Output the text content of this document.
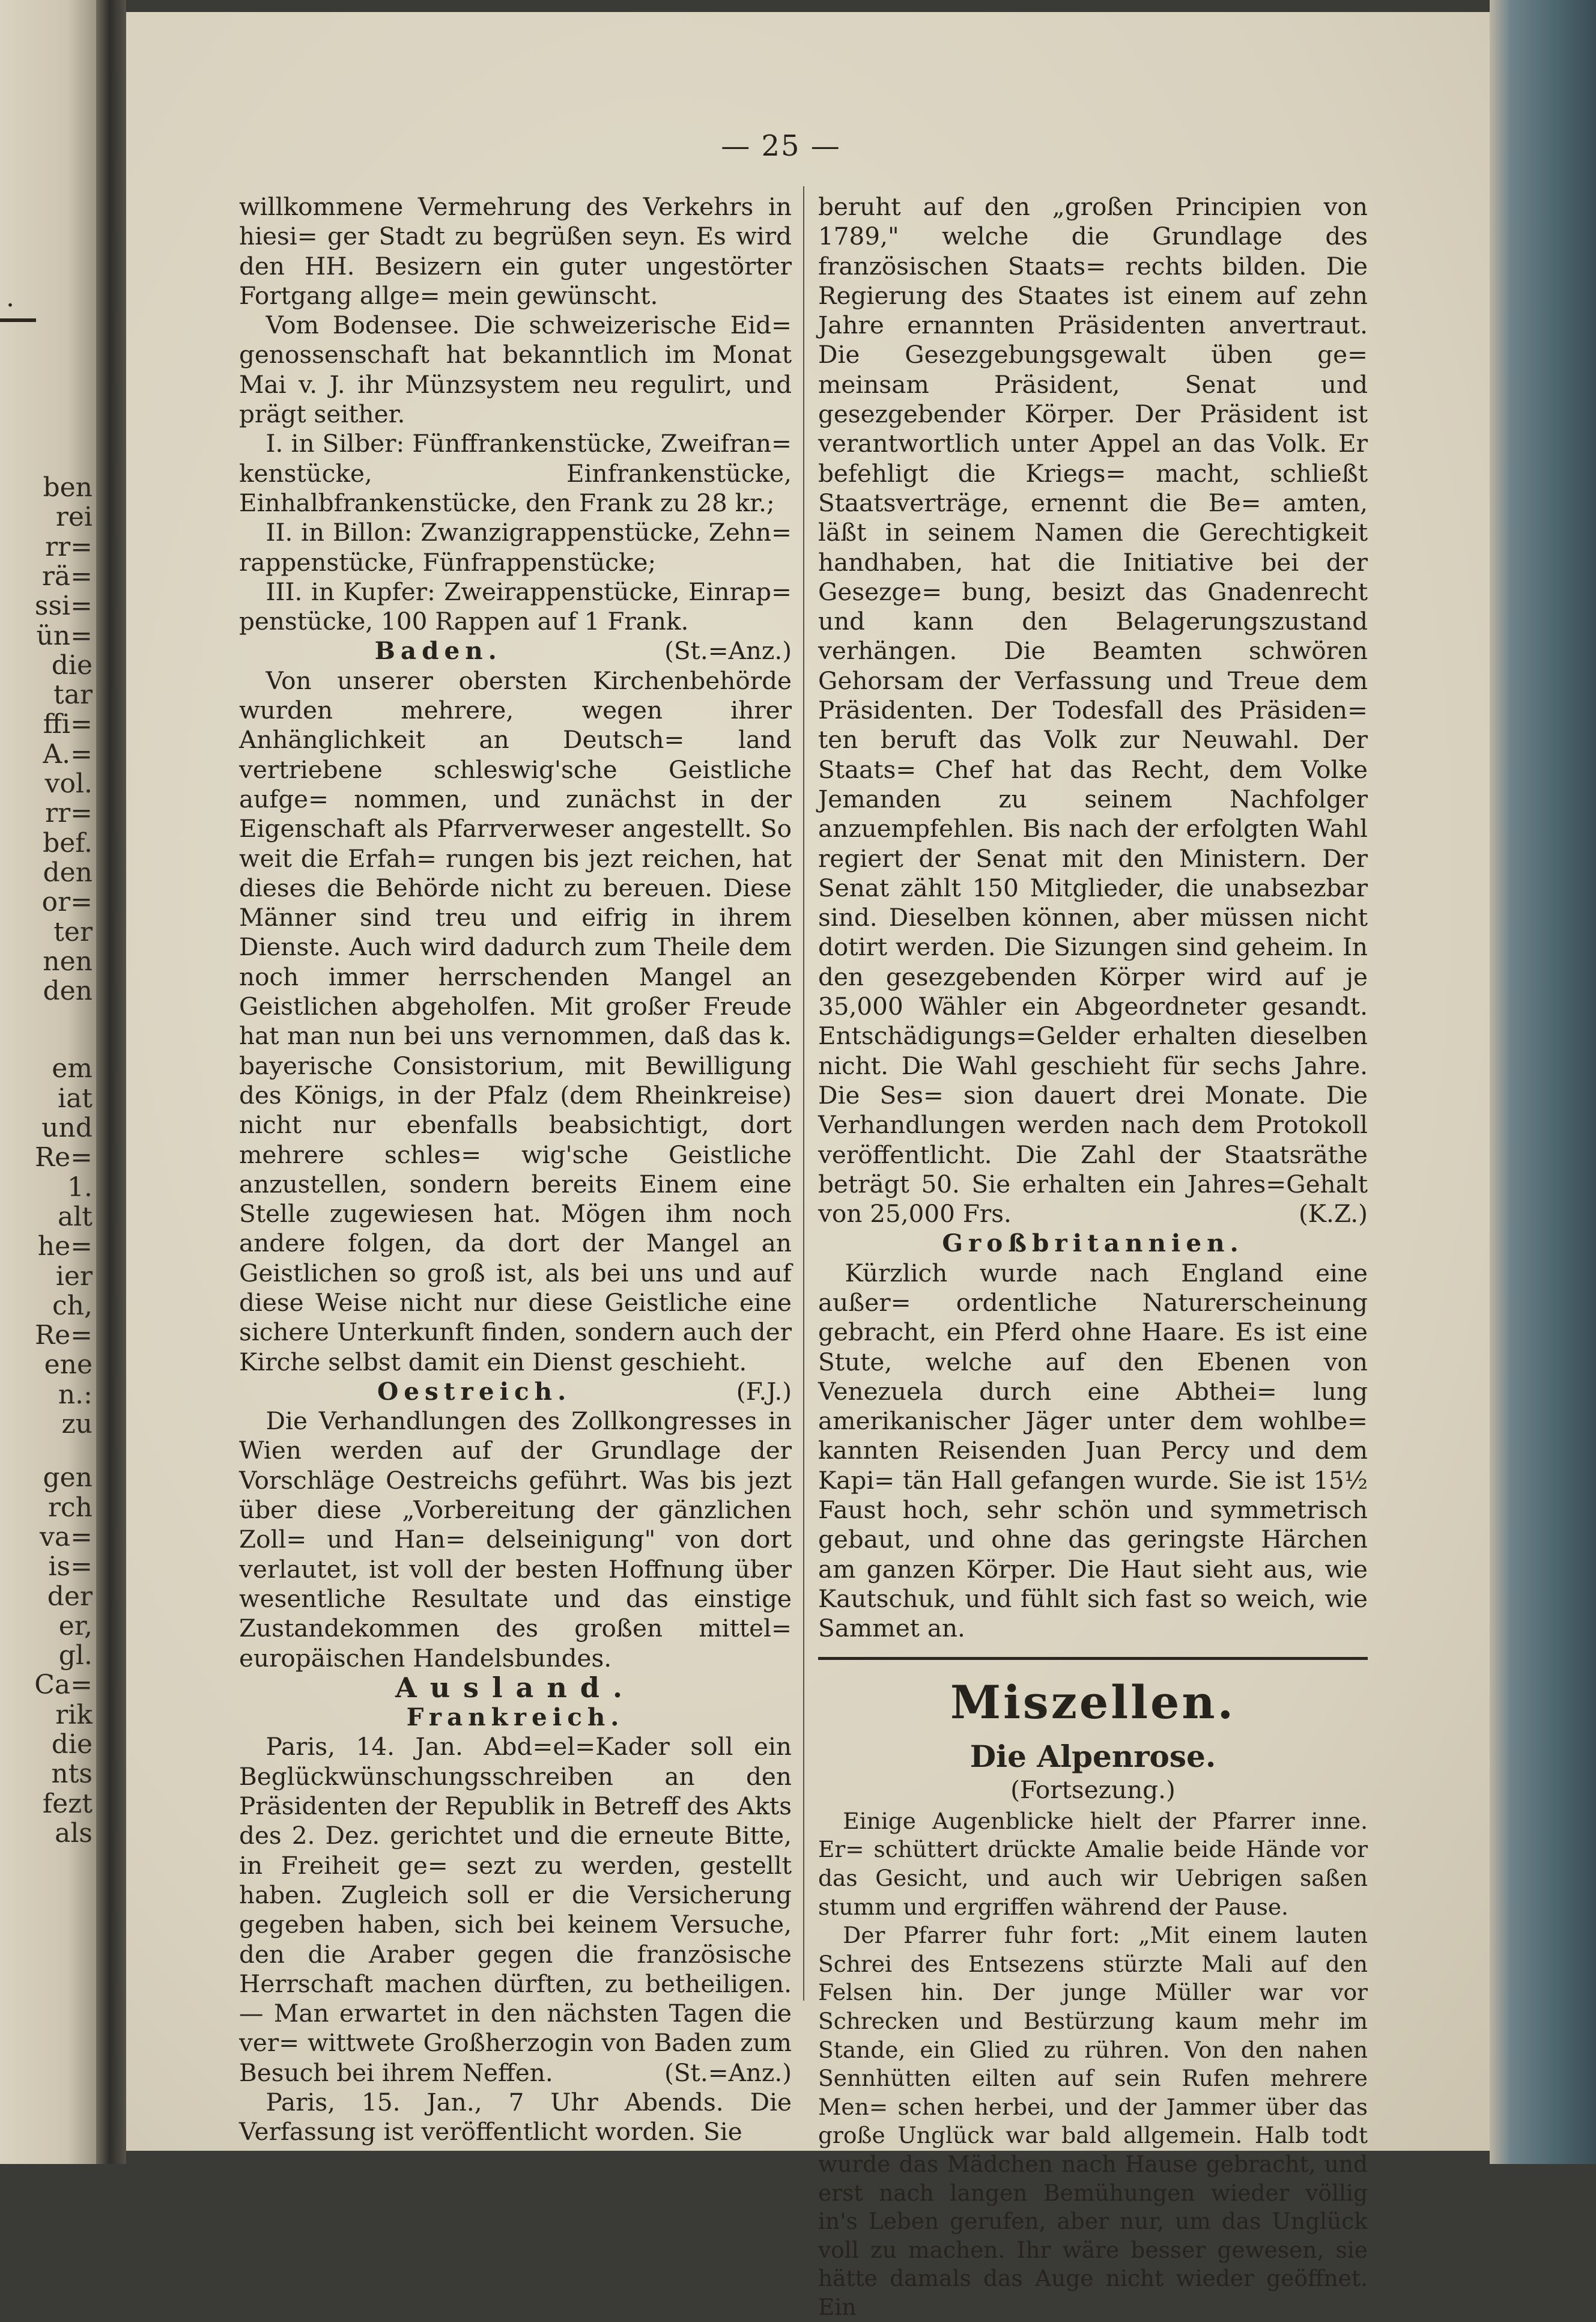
.
ben
rei
rr=
rä=
ssi=
ün=
die
tar
ffi=
A.=
vol.
rr=
bef.
den
or=
ter
nen
den
em
iat
und
Re=
1.
alt
he=
ier
ch,
Re=
ene
n.:
zu
gen
rch
va=
is=
der
er,
gl.
Ca=
rik
die
nts
fezt
als
— 25 —

willkommene Vermehrung des Verkehrs in hiesi= ger Stadt zu begrüßen seyn. Es wird den HH. Besizern ein guter ungestörter Fortgang allge= mein gewünscht.

Vom Bodensee. Die schweizerische Eid= genossenschaft hat bekanntlich im Monat Mai v. J. ihr Münzsystem neu regulirt, und prägt seither.

I. in Silber: Fünffrankenstücke, Zweifran= kenstücke, Einfrankenstücke, Einhalbfrankenstücke, den Frank zu 28 kr.;

II. in Billon: Zwanzigrappenstücke, Zehn= rappenstücke, Fünfrappenstücke;

III. in Kupfer: Zweirappenstücke, Einrap= penstücke, 100 Rappen auf 1 Frank.
(St.=Anz.)

Baden.

Von unserer obersten Kirchenbehörde wurden mehrere, wegen ihrer Anhänglichkeit an Deutsch= land vertriebene schleswig'sche Geistliche aufge= nommen, und zunächst in der Eigenschaft als Pfarrverweser angestellt. So weit die Erfah= rungen bis jezt reichen, hat dieses die Behörde nicht zu bereuen. Diese Männer sind treu und eifrig in ihrem Dienste. Auch wird dadurch zum Theile dem noch immer herrschenden Mangel an Geistlichen abgeholfen. Mit großer Freude hat man nun bei uns vernommen, daß das k. bayerische Consistorium, mit Bewilligung des Königs, in der Pfalz (dem Rheinkreise) nicht nur ebenfalls beabsichtigt, dort mehrere schles= wig'sche Geistliche anzustellen, sondern bereits Einem eine Stelle zugewiesen hat. Mögen ihm noch andere folgen, da dort der Mangel an Geistlichen so groß ist, als bei uns und auf diese Weise nicht nur diese Geistliche eine sichere Unterkunft finden, sondern auch der Kirche selbst damit ein Dienst geschieht.
(F.J.)

Oestreich.

Die Verhandlungen des Zollkongresses in Wien werden auf der Grundlage der Vorschläge Oestreichs geführt. Was bis jezt über diese „Vorbereitung der gänzlichen Zoll= und Han= delseinigung" von dort verlautet, ist voll der besten Hoffnung über wesentliche Resultate und das einstige Zustandekommen des großen mittel= europäischen Handelsbundes.

Ausland.
Frankreich.

Paris, 14. Jan. Abd=el=Kader soll ein Beglückwünschungsschreiben an den Präsidenten der Republik in Betreff des Akts des 2. Dez. gerichtet und die erneute Bitte, in Freiheit ge= sezt zu werden, gestellt haben. Zugleich soll er die Versicherung gegeben haben, sich bei keinem Versuche, den die Araber gegen die französische Herrschaft machen dürften, zu betheiligen. — Man erwartet in den nächsten Tagen die ver= wittwete Großherzogin von Baden zum Besuch bei ihrem Neffen.	(St.=Anz.)

Paris, 15. Jan., 7 Uhr Abends. Die Verfassung ist veröffentlicht worden. Sie

beruht auf den „großen Principien von 1789," welche die Grundlage des französischen Staats= rechts bilden. Die Regierung des Staates ist einem auf zehn Jahre ernannten Präsidenten anvertraut. Die Gesezgebungsgewalt üben ge= meinsam Präsident, Senat und gesezgebender Körper. Der Präsident ist verantwortlich unter Appel an das Volk. Er befehligt die Kriegs= macht, schließt Staatsverträge, ernennt die Be= amten, läßt in seinem Namen die Gerechtigkeit handhaben, hat die Initiative bei der Gesezge= bung, besizt das Gnadenrecht und kann den Belagerungszustand verhängen. Die Beamten schwören Gehorsam der Verfassung und Treue dem Präsidenten. Der Todesfall des Präsiden= ten beruft das Volk zur Neuwahl. Der Staats= Chef hat das Recht, dem Volke Jemanden zu seinem Nachfolger anzuempfehlen. Bis nach der erfolgten Wahl regiert der Senat mit den Ministern. Der Senat zählt 150 Mitglieder, die unabsezbar sind. Dieselben können, aber müssen nicht dotirt werden. Die Sizungen sind geheim. In den gesezgebenden Körper wird auf je 35,000 Wähler ein Abgeordneter gesandt. Entschädigungs=Gelder erhalten dieselben nicht. Die Wahl geschieht für sechs Jahre. Die Ses= sion dauert drei Monate. Die Verhandlungen werden nach dem Protokoll veröffentlicht. Die Zahl der Staatsräthe beträgt 50. Sie erhalten ein Jahres=Gehalt von 25,000 Frs.	(K.Z.)

Großbritannien.

Kürzlich wurde nach England eine außer= ordentliche Naturerscheinung gebracht, ein Pferd ohne Haare. Es ist eine Stute, welche auf den Ebenen von Venezuela durch eine Abthei= lung amerikanischer Jäger unter dem wohlbe= kannten Reisenden Juan Percy und dem Kapi= tän Hall gefangen wurde. Sie ist 15½ Faust hoch, sehr schön und symmetrisch gebaut, und ohne das geringste Härchen am ganzen Körper. Die Haut sieht aus, wie Kautschuk, und fühlt sich fast so weich, wie Sammet an.

Miszellen.
Die Alpenrose.
(Fortsezung.)

Einige Augenblicke hielt der Pfarrer inne. Er= schüttert drückte Amalie beide Hände vor das Gesicht, und auch wir Uebrigen saßen stumm und ergriffen während der Pause.

Der Pfarrer fuhr fort: „Mit einem lauten Schrei des Entsezens stürzte Mali auf den Felsen hin. Der junge Müller war vor Schrecken und Bestürzung kaum mehr im Stande, ein Glied zu rühren. Von den nahen Sennhütten eilten auf sein Rufen mehrere Men= schen herbei, und der Jammer über das große Unglück war bald allgemein. Halb todt wurde das Mädchen nach Hause gebracht, und erst nach langen Bemühungen wieder völlig in's Leben gerufen, aber nur, um das Unglück voll zu machen. Ihr wäre besser gewesen, sie hätte damals das Auge nicht wieder geöffnet. Ein
